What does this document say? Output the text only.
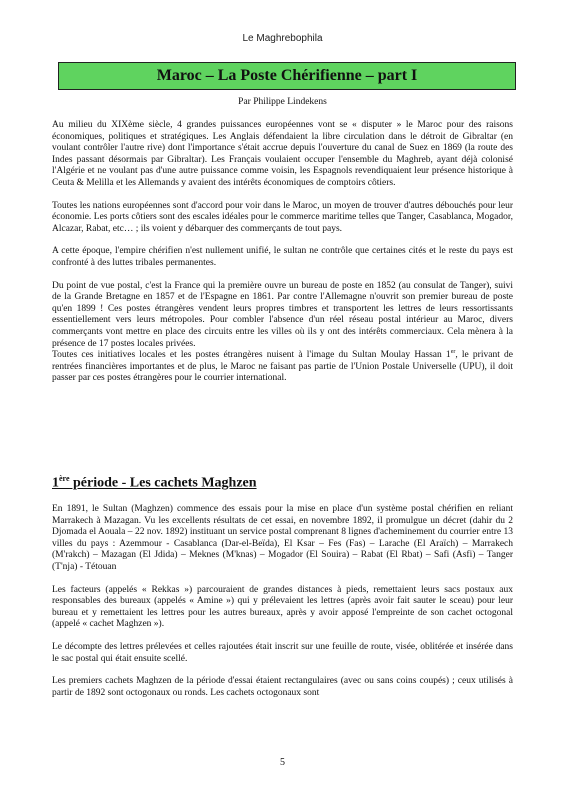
Le Maghrebophila
Maroc – La Poste Chérifienne – part I
Par Philippe Lindekens

Au milieu du XIXème siècle, 4 grandes puissances européennes vont se « disputer » le Maroc pour des raisons économiques, politiques et stratégiques. Les Anglais défendaient la libre circulation dans le détroit de Gibraltar (en voulant contrôler l'autre rive) dont l'importance s'était accrue depuis l'ouverture du canal de Suez en 1869 (la route des Indes passant désormais par Gibraltar). Les Français voulaient occuper l'ensemble du Maghreb, ayant déjà colonisé l'Algérie et ne voulant pas d'une autre puissance comme voisin, les Espagnols revendiquaient leur présence historique à Ceuta & Melilla et les Allemands y avaient des intérêts économiques de comptoirs côtiers.

Toutes les nations européennes sont d'accord pour voir dans le Maroc, un moyen de trouver d'autres débouchés pour leur économie. Les ports côtiers sont des escales idéales pour le commerce maritime telles que Tanger, Casablanca, Mogador, Alcazar, Rabat, etc… ; ils voient y débarquer des commerçants de tout pays.

A cette époque, l'empire chérifien n'est nullement unifié, le sultan ne contrôle que certaines cités et le reste du pays est confronté à des luttes tribales permanentes.

Du point de vue postal, c'est la France qui la première ouvre un bureau de poste en 1852 (au consulat de Tanger), suivi de la Grande Bretagne en 1857 et de l'Espagne en 1861. Par contre l'Allemagne n'ouvrit son premier bureau de poste qu'en 1899 ! Ces postes étrangères vendent leurs propres timbres et transportent les lettres de leurs ressortissants essentiellement vers leurs métropoles. Pour combler l'absence d'un réel réseau postal intérieur au Maroc, divers commerçants vont mettre en place des circuits entre les villes où ils y ont des intérêts commerciaux. Cela mènera à la présence de 17 postes locales privées.

Toutes ces initiatives locales et les postes étrangères nuisent à l'image du Sultan Moulay Hassan 1er, le privant de rentrées financières importantes et de plus, le Maroc ne faisant pas partie de l'Union Postale Universelle (UPU), il doit passer par ces postes étrangères pour le courrier international.

1ère période - Les cachets Maghzen

En 1891, le Sultan (Maghzen) commence des essais pour la mise en place d'un système postal chérifien en reliant Marrakech à Mazagan. Vu les excellents résultats de cet essai, en novembre 1892, il promulgue un décret (dahir du 2 Djomada el Aouala – 22 nov. 1892) instituant un service postal comprenant 8 lignes d'acheminement du courrier entre 13 villes du pays : Azemmour - Casablanca (Dar-el-Beïda), El Ksar – Fes (Fas) – Larache (El Araïch) – Marrakech (M'rakch) – Mazagan (El Jdida) – Meknes (M'knas) – Mogador (El Souira) – Rabat (El Rbat) – Safi (Asfi) – Tanger (T'nja) - Tétouan

Les facteurs (appelés « Rekkas ») parcouraient de grandes distances à pieds, remettaient leurs sacs postaux aux responsables des bureaux (appelés « Amine ») qui y prélevaient les lettres (après avoir fait sauter le sceau) pour leur bureau et y remettaient les lettres pour les autres bureaux, après y avoir apposé l'empreinte de son cachet octogonal (appelé « cachet Maghzen »).

Le décompte des lettres prélevées et celles rajoutées était inscrit sur une feuille de route, visée, oblitérée et insérée dans le sac postal qui était ensuite scellé.

Les premiers cachets Maghzen de la période d'essai étaient rectangulaires (avec ou sans coins coupés) ; ceux utilisés à partir de 1892 sont octogonaux ou ronds. Les cachets octogonaux sont

5
